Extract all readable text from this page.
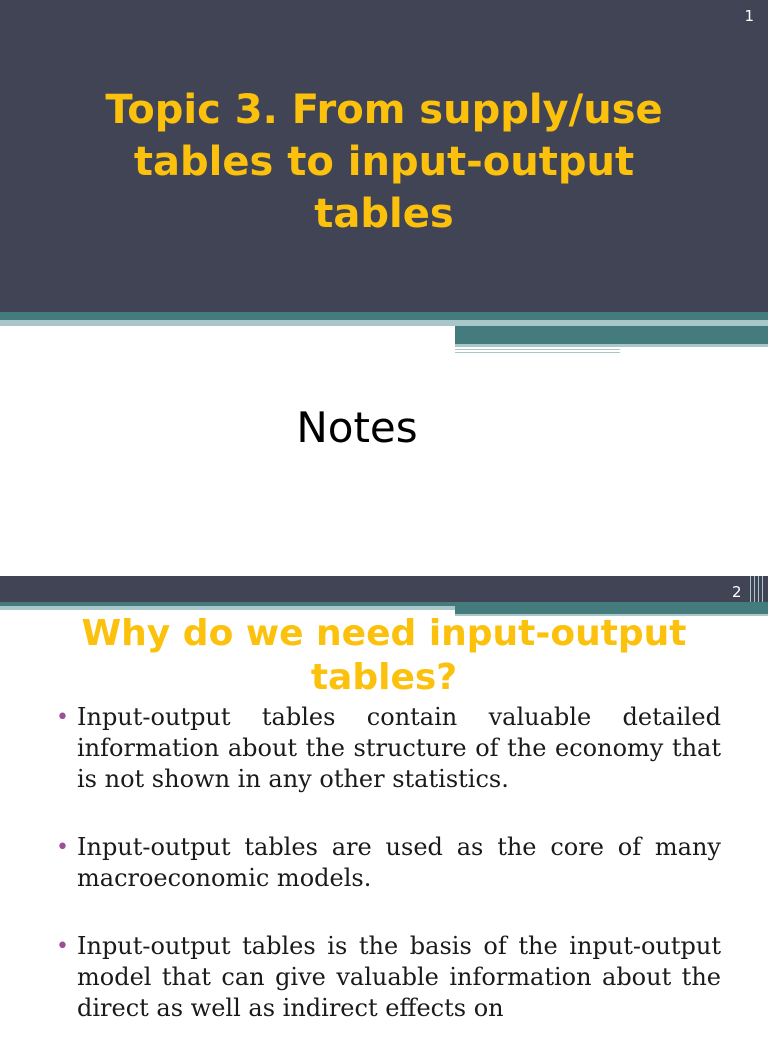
1
Topic 3. From supply/use tables to input-output tables
Notes
2
Why do we need input-output tables?
• Input-output tables contain valuable detailed information about the structure of the economy that is not shown in any other statistics.
• Input-output tables are used as the core of many macroeconomic models.
• Input-output tables is the basis of the input-output model that can give valuable information about the direct as well as indirect effects on
